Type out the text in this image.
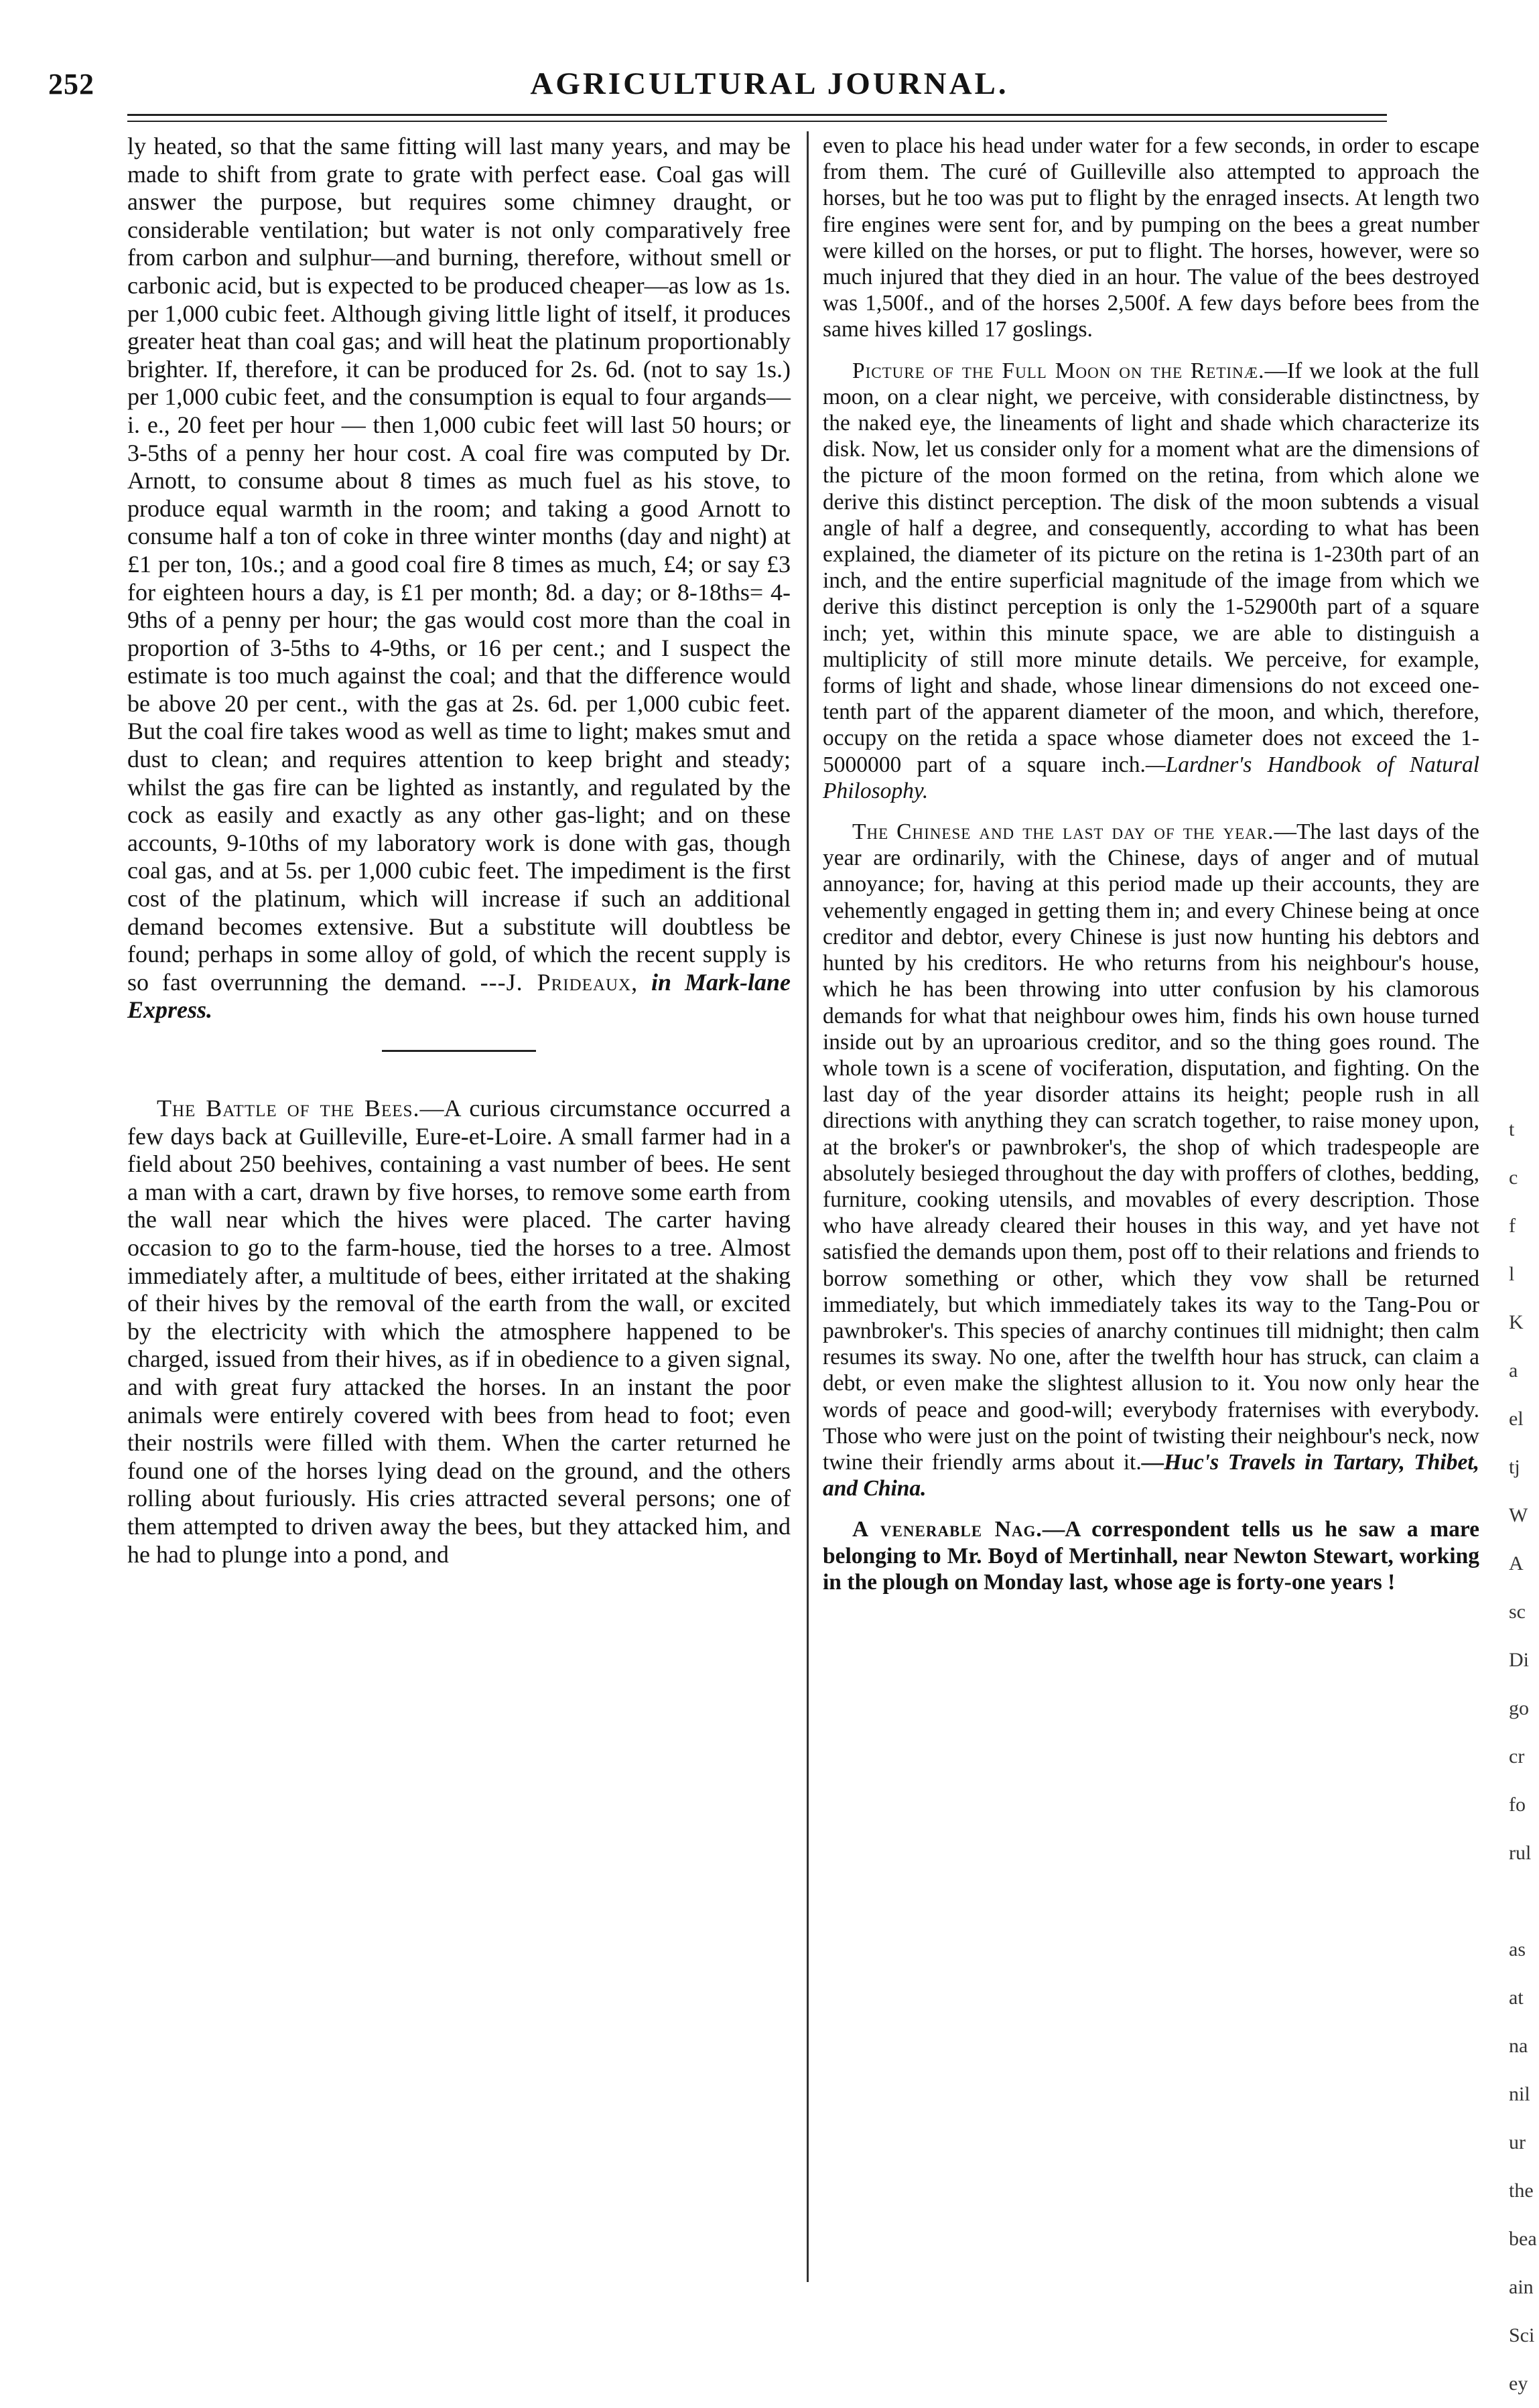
252	AGRICULTURAL JOURNAL.

ly heated, so that the same fitting will last many years, and may be made to shift from grate to grate with perfect ease. Coal gas will answer the purpose, but requires some chimney draught, or considerable ventilation; but water is not only comparatively free from carbon and sulphur—and burning, therefore, without smell or carbonic acid, but is expected to be produced cheaper—as low as 1s. per 1,000 cubic feet. Although giving little light of itself, it produces greater heat than coal gas; and will heat the platinum proportionably brighter. If, therefore, it can be produced for 2s. 6d. (not to say 1s.) per 1,000 cubic feet, and the consumption is equal to four argands—i. e., 20 feet per hour — then 1,000 cubic feet will last 50 hours; or 3-5ths of a penny her hour cost. A coal fire was computed by Dr. Arnott, to consume about 8 times as much fuel as his stove, to produce equal warmth in the room; and taking a good Arnott to consume half a ton of coke in three winter months (day and night) at £1 per ton, 10s.; and a good coal fire 8 times as much, £4; or say £3 for eighteen hours a day, is £1 per month; 8d. a day; or 8-18ths= 4-9ths of a penny per hour; the gas would cost more than the coal in proportion of 3-5ths to 4-9ths, or 16 per cent.; and I suspect the estimate is too much against the coal; and that the difference would be above 20 per cent., with the gas at 2s. 6d. per 1,000 cubic feet. But the coal fire takes wood as well as time to light; makes smut and dust to clean; and requires attention to keep bright and steady; whilst the gas fire can be lighted as instantly, and regulated by the cock as easily and exactly as any other gas-light; and on these accounts, 9-10ths of my laboratory work is done with gas, though coal gas, and at 5s. per 1,000 cubic feet. The impediment is the first cost of the platinum, which will increase if such an additional demand becomes extensive. But a substitute will doubtless be found; perhaps in some alloy of gold, of which the recent supply is so fast overrunning the demand. ---J. Prideaux, in Mark-lane Express.

The Battle of the Bees.—A curious circumstance occurred a few days back at Guilleville, Eure-et-Loire. A small farmer had in a field about 250 beehives, containing a vast number of bees. He sent a man with a cart, drawn by five horses, to remove some earth from the wall near which the hives were placed. The carter having occasion to go to the farm-house, tied the horses to a tree. Almost immediately after, a multitude of bees, either irritated at the shaking of their hives by the removal of the earth from the wall, or excited by the electricity with which the atmosphere happened to be charged, issued from their hives, as if in obedience to a given signal, and with great fury attacked the horses. In an instant the poor animals were entirely covered with bees from head to foot; even their nostrils were filled with them. When the carter returned he found one of the horses lying dead on the ground, and the others rolling about furiously. His cries attracted several persons; one of them attempted to driven away the bees, but they attacked him, and he had to plunge into a pond, and

even to place his head under water for a few seconds, in order to escape from them. The curé of Guilleville also attempted to approach the horses, but he too was put to flight by the enraged insects. At length two fire engines were sent for, and by pumping on the bees a great number were killed on the horses, or put to flight. The horses, however, were so much injured that they died in an hour. The value of the bees destroyed was 1,500f., and of the horses 2,500f. A few days before bees from the same hives killed 17 goslings.

Picture of the Full Moon on the Retinæ.—If we look at the full moon, on a clear night, we perceive, with considerable distinctness, by the naked eye, the lineaments of light and shade which characterize its disk. Now, let us consider only for a moment what are the dimensions of the picture of the moon formed on the retina, from which alone we derive this distinct perception. The disk of the moon subtends a visual angle of half a degree, and consequently, according to what has been explained, the diameter of its picture on the retina is 1-230th part of an inch, and the entire superficial magnitude of the image from which we derive this distinct perception is only the 1-52900th part of a square inch; yet, within this minute space, we are able to distinguish a multiplicity of still more minute details. We perceive, for example, forms of light and shade, whose linear dimensions do not exceed one-tenth part of the apparent diameter of the moon, and which, therefore, occupy on the retida a space whose diameter does not exceed the 1-5000000 part of a square inch.—Lardner's Handbook of Natural Philosophy.

The Chinese and the last day of the year.—The last days of the year are ordinarily, with the Chinese, days of anger and of mutual annoyance; for, having at this period made up their accounts, they are vehemently engaged in getting them in; and every Chinese being at once creditor and debtor, every Chinese is just now hunting his debtors and hunted by his creditors. He who returns from his neighbour's house, which he has been throwing into utter confusion by his clamorous demands for what that neighbour owes him, finds his own house turned inside out by an uproarious creditor, and so the thing goes round. The whole town is a scene of vociferation, disputation, and fighting. On the last day of the year disorder attains its height; people rush in all directions with anything they can scratch together, to raise money upon, at the broker's or pawnbroker's, the shop of which tradespeople are absolutely besieged throughout the day with proffers of clothes, bedding, furniture, cooking utensils, and movables of every description. Those who have already cleared their houses in this way, and yet have not satisfied the demands upon them, post off to their relations and friends to borrow something or other, which they vow shall be returned immediately, but which immediately takes its way to the Tang-Pou or pawnbroker's. This species of anarchy continues till midnight; then calm resumes its sway. No one, after the twelfth hour has struck, can claim a debt, or even make the slightest allusion to it. You now only hear the words of peace and good-will; everybody fraternises with everybody. Those who were just on the point of twisting their neighbour's neck, now twine their friendly arms about it.—Huc's Travels in Tartary, Thibet, and China.

A venerable Nag.—A correspondent tells us he saw a mare belonging to Mr. Boyd of Mertinhall, near Newton Stewart, working in the plough on Monday last, whose age is forty-one years !

t
c
f
l
K
a
el
tj
W
A
sc
Di
go
cr
fo
rul

as
at
na
nil
ur
the
bea
ain
Sci
ey
